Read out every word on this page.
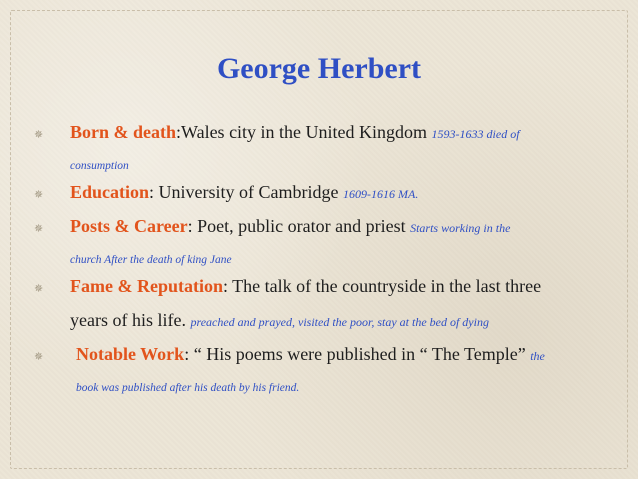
George Herbert
✵	Born & death:Wales city in the United Kingdom 1593-1633 died of
consumption
✵	Education: University of Cambridge 1609-1616 MA.
✵	Posts & Career: Poet, public orator and priest Starts working in the
church After the death of king Jane
✵	Fame & Reputation: The talk of the countryside in the last three
years of his life. preached and prayed, visited the poor, stay at the bed of dying
✵	Notable Work: “ His poems were published in “ The Temple” the
book was published after his death by his friend.
